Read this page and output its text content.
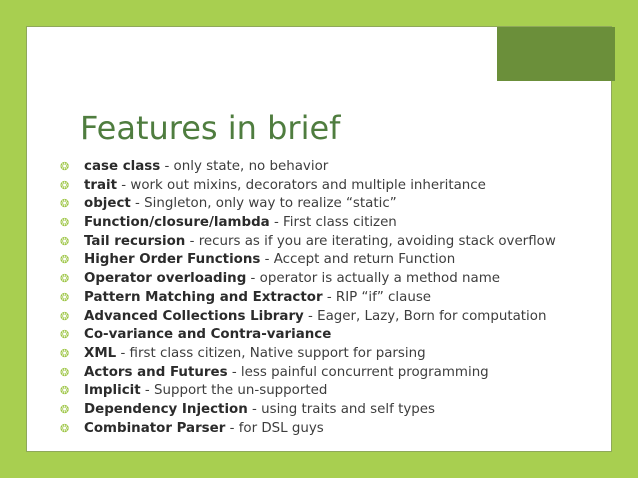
Features in brief
❂ case class - only state, no behavior
❂ trait - work out mixins, decorators and multiple inheritance
❂ object - Singleton, only way to realize “static”
❂ Function/closure/lambda - First class citizen
❂ Tail recursion - recurs as if you are iterating, avoiding stack overflow
❂ Higher Order Functions - Accept and return Function
❂ Operator overloading - operator is actually a method name
❂ Pattern Matching and Extractor - RIP “if” clause
❂ Advanced Collections Library - Eager, Lazy, Born for computation
❂ Co-variance and Contra-variance
❂ XML - first class citizen, Native support for parsing
❂ Actors and Futures - less painful concurrent programming
❂ Implicit - Support the un-supported
❂ Dependency Injection - using traits and self types
❂ Combinator Parser - for DSL guys
